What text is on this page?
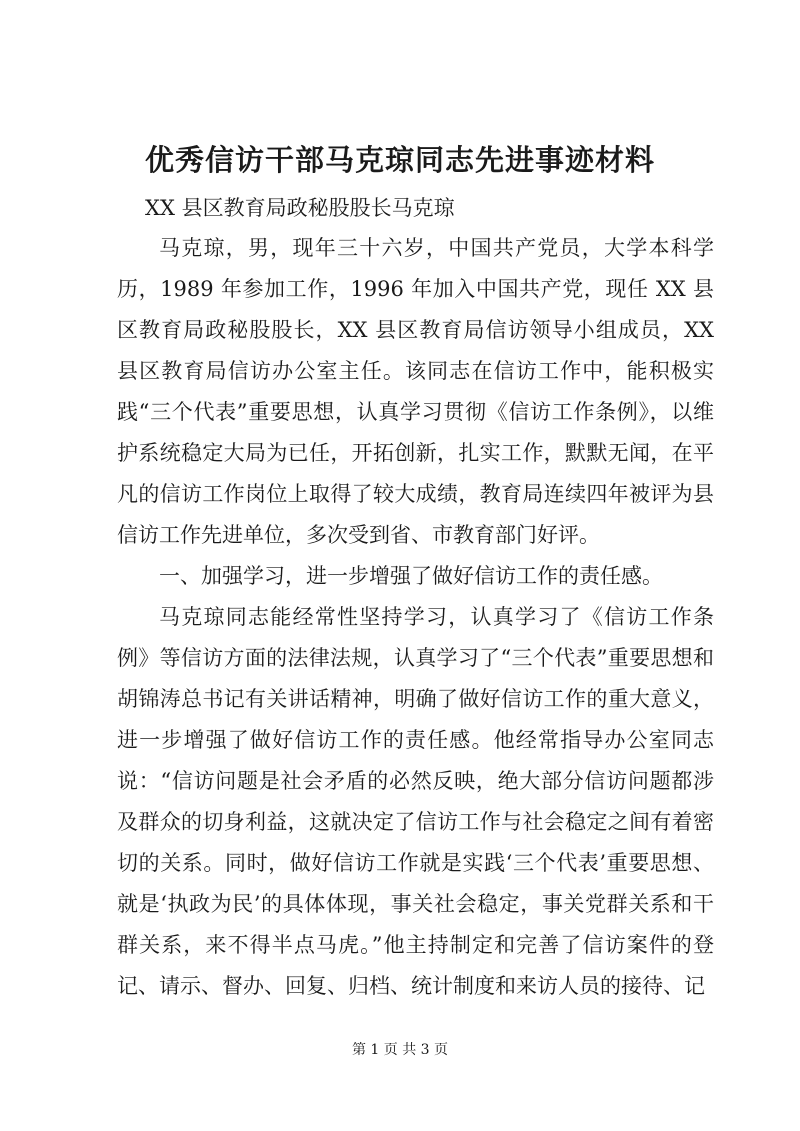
优秀信访干部马克琼同志先进事迹材料

XX 县区教育局政秘股股长马克琼

马克琼，男，现年三十六岁，中国共产党员，大学本科学历，1989 年参加工作，1996 年加入中国共产党，现任 XX 县区教育局政秘股股长，XX 县区教育局信访领导小组成员，XX 县区教育局信访办公室主任。该同志在信访工作中，能积极实践“三个代表”重要思想，认真学习贯彻《信访工作条例》，以维护系统稳定大局为已任，开拓创新，扎实工作，默默无闻，在平凡的信访工作岗位上取得了较大成绩，教育局连续四年被评为县信访工作先进单位，多次受到省、市教育部门好评。

一、加强学习，进一步增强了做好信访工作的责任感。

马克琼同志能经常性坚持学习，认真学习了《信访工作条例》等信访方面的法律法规，认真学习了“三个代表”重要思想和胡锦涛总书记有关讲话精神，明确了做好信访工作的重大意义，进一步增强了做好信访工作的责任感。他经常指导办公室同志说：“信访问题是社会矛盾的必然反映，绝大部分信访问题都涉及群众的切身利益，这就决定了信访工作与社会稳定之间有着密切的关系。同时，做好信访工作就是实践‘三个代表’重要思想、就是‘执政为民’的具体体现，事关社会稳定，事关党群关系和干群关系，来不得半点马虎。”他主持制定和完善了信访案件的登记、请示、督办、回复、归档、统计制度和来访人员的接待、记

第 1 页 共 3 页
